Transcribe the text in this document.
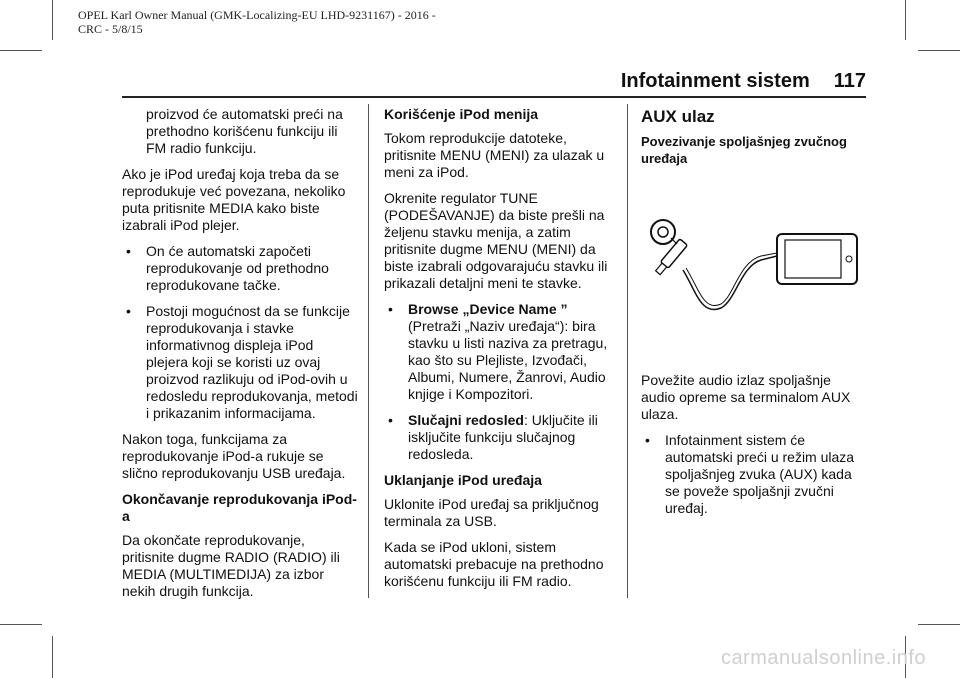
OPEL Karl Owner Manual (GMK-Localizing-EU LHD-9231167) - 2016 -
CRC - 5/8/15
Infotainment sistem 117

proizvod će automatski preći na prethodno korišćenu funkciju ili FM radio funkciju.

Ako je iPod uređaj koja treba da se reprodukuje već povezana, nekoliko puta pritisnite MEDIA kako biste izabrali iPod plejer.

• On će automatski započeti reprodukovanje od prethodno reprodukovane tačke.
• Postoji mogućnost da se funkcije reprodukovanja i stavke informativnog displeja iPod plejera koji se koristi uz ovaj proizvod razlikuju od iPod-ovih u redosledu reprodukovanja, metodi i prikazanim informacijama.

Nakon toga, funkcijama za reprodukovanje iPod-a rukuje se slično reprodukovanju USB uređaja.

Okončavanje reprodukovanja iPod-a

Da okončate reprodukovanje, pritisnite dugme RADIO (RADIO) ili MEDIA (MULTIMEDIJA) za izbor nekih drugih funkcija.

Korišćenje iPod menija

Tokom reprodukcije datoteke, pritisnite MENU (MENI) za ulazak u meni za iPod.

Okrenite regulator TUNE (PODEŠAVANJE) da biste prešli na željenu stavku menija, a zatim pritisnite dugme MENU (MENI) da biste izabrali odgovarajuću stavku ili prikazali detaljni meni te stavke.

• Browse „Device Name ”
(Pretraži „Naziv uređaja“): bira stavku u listi naziva za pretragu, kao što su Plejliste, Izvođači, Albumi, Numere, Žanrovi, Audio knjige i Kompozitori.
• Slučajni redosled: Uključite ili isključite funkciju slučajnog redosleda.

Uklanjanje iPod uređaja

Uklonite iPod uređaj sa priključnog terminala za USB.

Kada se iPod ukloni, sistem automatski prebacuje na prethodno korišćenu funkciju ili FM radio.

AUX ulaz

Povezivanje spoljašnjeg zvučnog uređaja

Povežite audio izlaz spoljašnje audio opreme sa terminalom AUX ulaza.

• Infotainment sistem će automatski preći u režim ulaza spoljašnjeg zvuka (AUX) kada se poveže spoljašnji zvučni uređaj.
carmanualsonline.info
